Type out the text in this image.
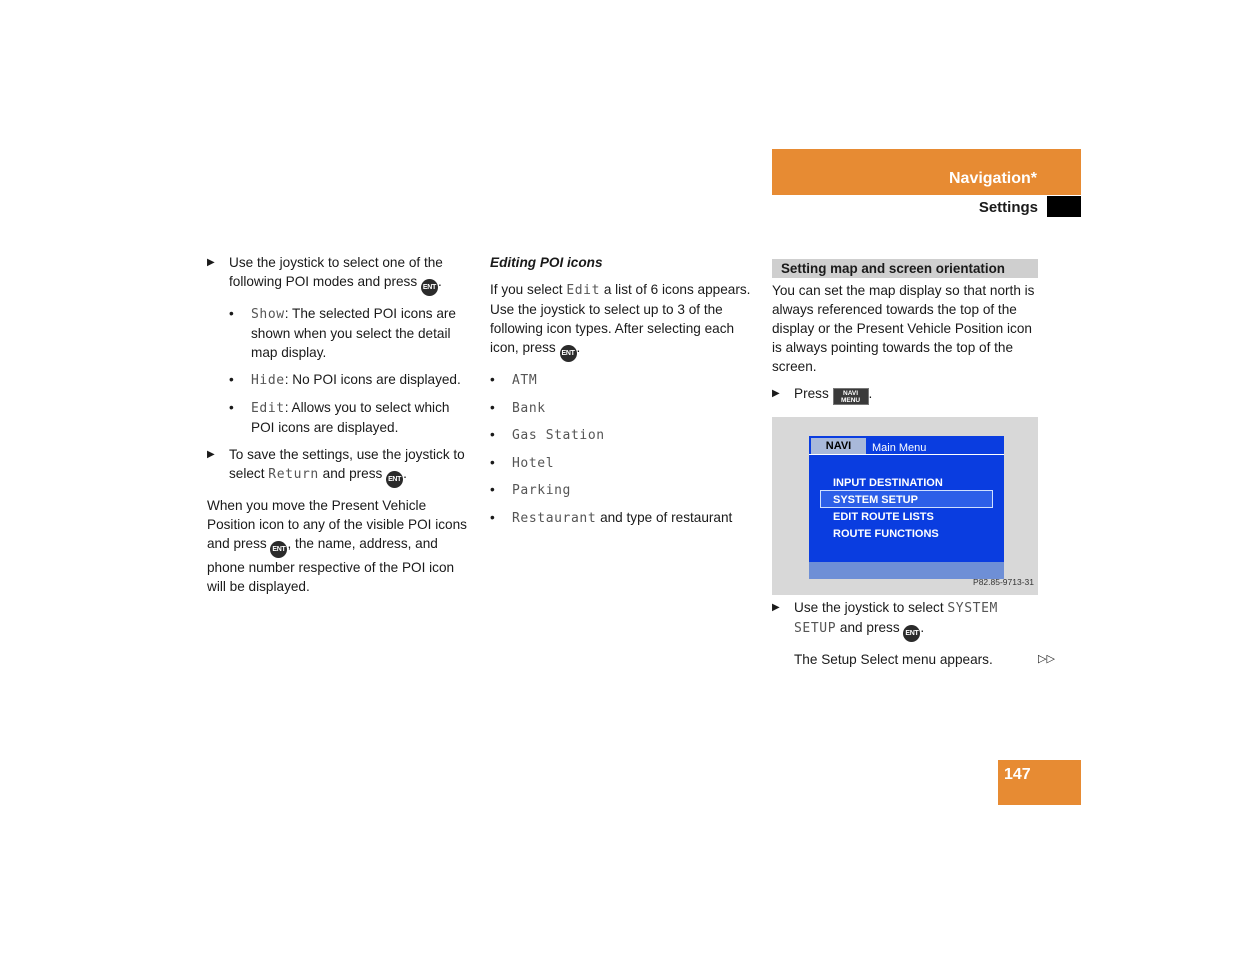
Navigation*
Settings
▶ Use the joystick to select one of the following POI modes and press ENT .
• Show: The selected POI icons are shown when you select the detail map display.
• Hide: No POI icons are displayed.
• Edit: Allows you to select which POI icons are displayed.
▶ To save the settings, use the joystick to select Return and press ENT .

When you move the Present Vehicle Position icon to any of the visible POI icons and press ENT , the name, address, and phone number respective of the POI icon will be displayed.

Editing POI icons

If you select Edit a list of 6 icons appears. Use the joystick to select up to 3 of the following icon types. After selecting each icon, press ENT .

• ATM
• Bank
• Gas Station
• Hotel
• Parking
• Restaurant and type of restaurant
Setting map and screen orientation

You can set the map display so that north is always referenced towards the top of the display or the Present Vehicle Position icon is always pointing towards the top of the screen.

▶ Press NAVI
MENU .
NAVI	Main Menu
INPUT DESTINATION
SYSTEM SETUP
EDIT ROUTE LISTS
ROUTE FUNCTIONS
P82.85-9713-31
▶ Use the joystick to select SYSTEM
SETUP and press ENT .
The Setup Select menu appears.	▷▷
147
